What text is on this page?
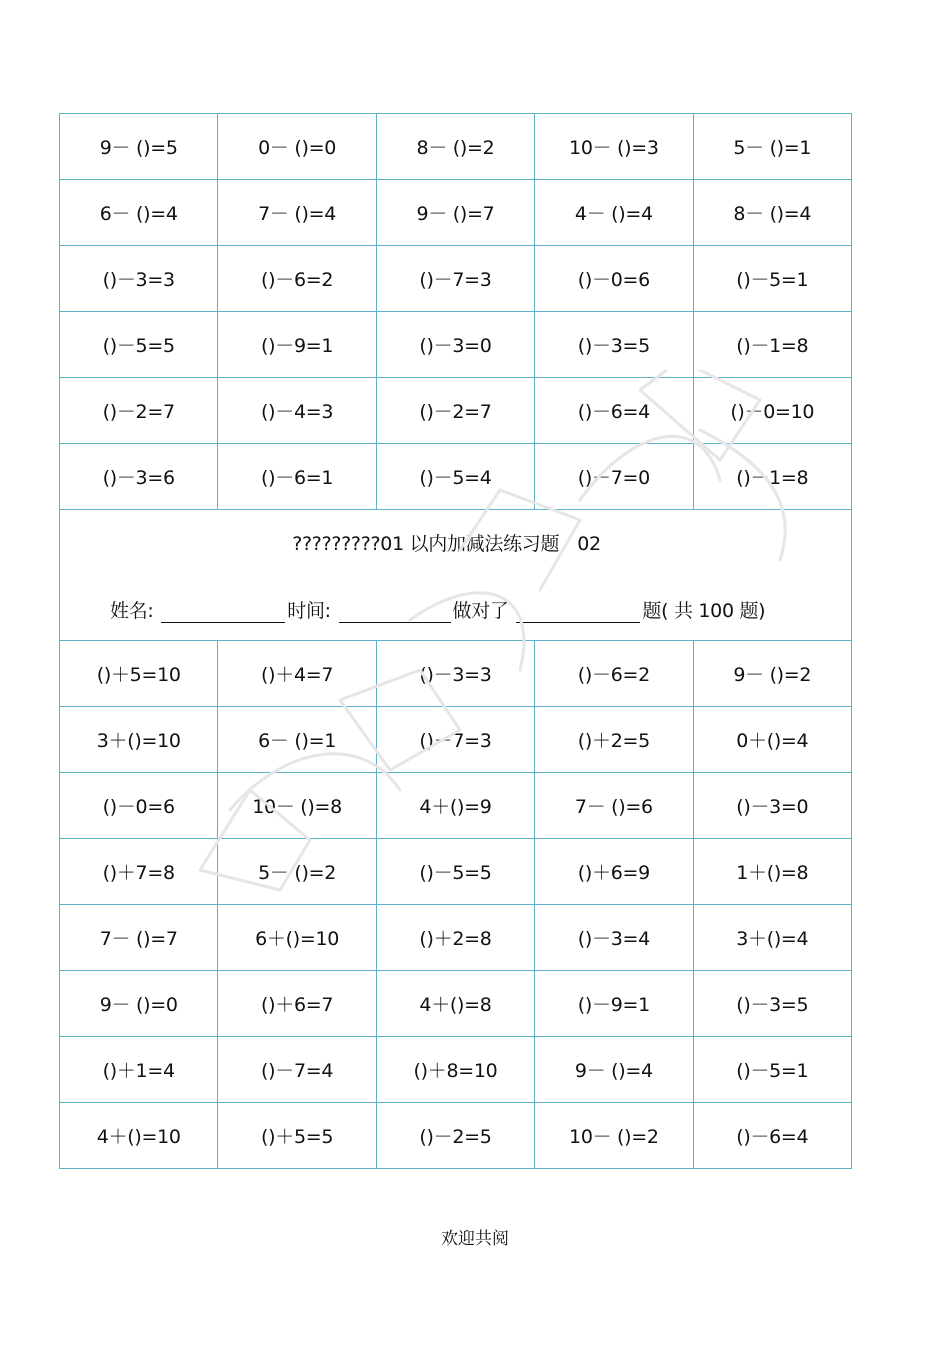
9－ ()=5	0－ ()=0	8－ ()=2	10－ ()=3	5－ ()=1
6－ ()=4	7－ ()=4	9－ ()=7	4－ ()=4	8－ ()=4
()－3=3	()－6=2	()－7=3	()－0=6	()－5=1
()－5=5	()－9=1	()－3=0	()－3=5	()－1=8
()－2=7	()－4=3	()－2=7	()－6=4	()－0=10
()－3=6	()－6=1	()－5=4	()－7=0	()－1=8

?????????01 以内加减法练习题 02
姓名: 时间: 做对了 题( 共 100 题)				

()＋5=10	()＋4=7	()－3=3	()－6=2	9－ ()=2
3＋()=10	6－ ()=1	()－7=3	()＋2=5	0＋()=4
()－0=6	10－ ()=8	4＋()=9	7－ ()=6	()－3=0
()＋7=8	5－ ()=2	()－5=5	()＋6=9	1＋()=8
7－ ()=7	6＋()=10	()＋2=8	()－3=4	3＋()=4
9－ ()=0	()＋6=7	4＋()=8	()－9=1	()－3=5
()＋1=4	()－7=4	()＋8=10	9－ ()=4	()－5=1
4＋()=10	()＋5=5	()－2=5	10－ ()=2	()－6=4
欢迎共阅
